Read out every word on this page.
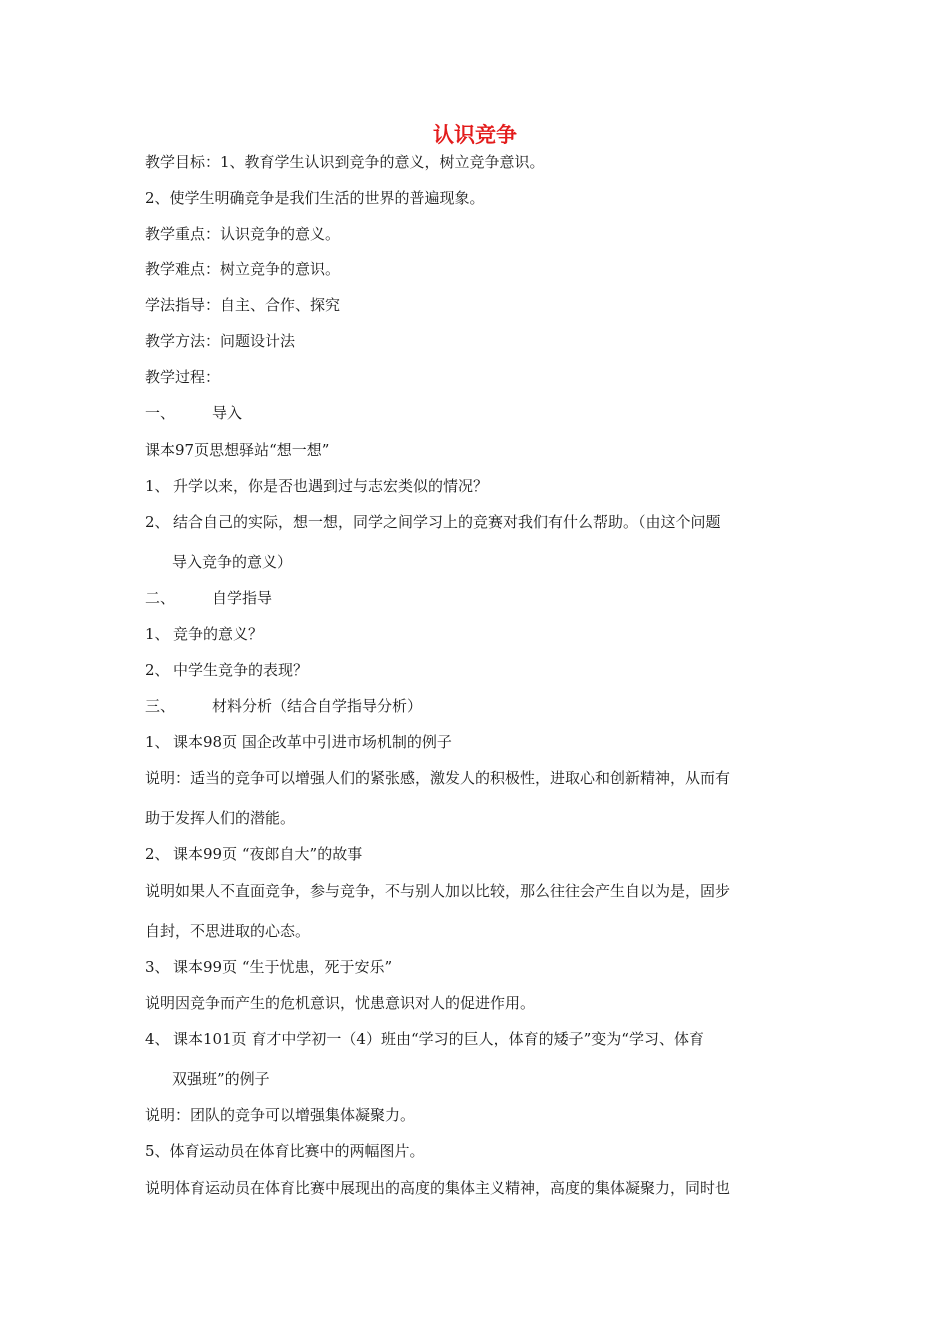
认识竞争
教学目标：1、教育学生认识到竞争的意义，树立竞争意识。
2、使学生明确竞争是我们生活的世界的普遍现象。
教学重点：认识竞争的意义。
教学难点：树立竞争的意识。
学法指导：自主、合作、探究
教学方法：问题设计法
教学过程：
一、 导入
课本97页思想驿站“想一想”
1、 升学以来，你是否也遇到过与志宏类似的情况？
2、 结合自己的实际，想一想，同学之间学习上的竞赛对我们有什么帮助。（由这个问题
导入竞争的意义）
二、 自学指导
1、 竞争的意义？
2、 中学生竞争的表现？
三、 材料分析（结合自学指导分析）
1、 课本98页 国企改革中引进市场机制的例子
说明：适当的竞争可以增强人们的紧张感，激发人的积极性，进取心和创新精神，从而有
助于发挥人们的潜能。
2、 课本99页 “夜郎自大”的故事
说明如果人不直面竞争，参与竞争，不与别人加以比较，那么往往会产生自以为是，固步
自封，不思进取的心态。
3、 课本99页 “生于忧患，死于安乐”
说明因竞争而产生的危机意识，忧患意识对人的促进作用。
4、 课本101页 育才中学初一（4）班由“学习的巨人，体育的矮子”变为“学习、体育
双强班”的例子
说明：团队的竞争可以增强集体凝聚力。
5、体育运动员在体育比赛中的两幅图片。
说明体育运动员在体育比赛中展现出的高度的集体主义精神，高度的集体凝聚力，同时也
